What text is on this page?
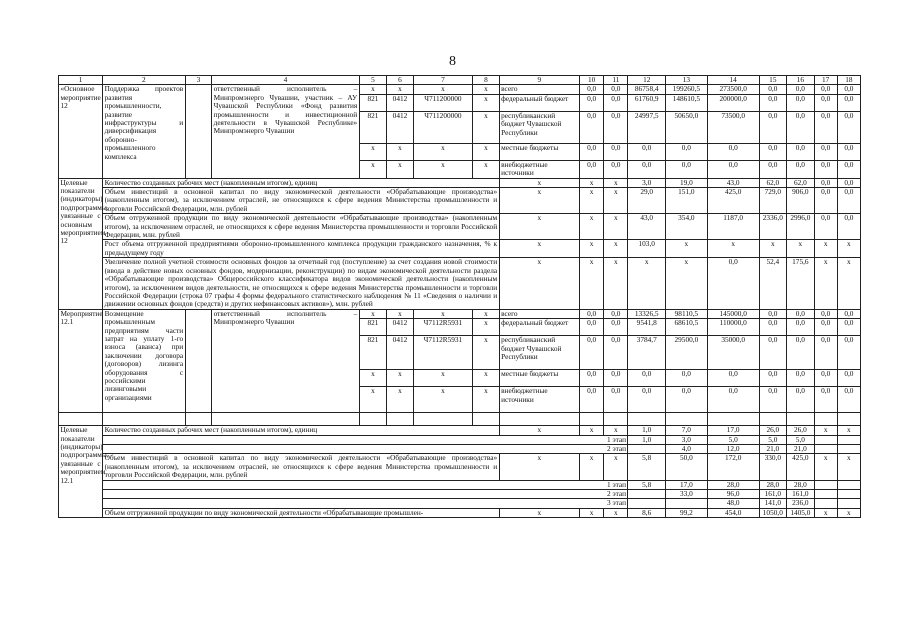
8
1	2	3	4	5	6	7	8	9	10	11	12	13	14	15	16	17	18
«Основное мероприятие 12	Поддержка проектов развития промышленности, развитие инфраструктуры и диверсификация оборонно-промышленного комплекса		ответственный исполнитель – Минпромэнерго Чувашии, участник – АУ Чувашской Республики «Фонд развития промышленности и инвестиционной деятельности в Чувашской Республике» Минпромэнерго Чувашии	x	x	x	x	всего	0,0	0,0	86758,4	199260,5	273500,0	0,0	0,0	0,0	0,0
				821	0412	Ч711200000	x	федеральный бюджет	0,0	0,0	61760,9	148610,5	200000,0	0,0	0,0	0,0	0,0
				821	0412	Ч711200000	x	республиканский бюджет Чувашской Республики	0,0	0,0	24997,5	50650,0	73500,0	0,0	0,0	0,0	0,0
				x	x	x	x	местные бюджеты	0,0	0,0	0,0	0,0	0,0	0,0	0,0	0,0	0,0
				x	x	x	x	внебюджетные источники	0,0	0,0	0,0	0,0	0,0	0,0	0,0	0,0	0,0
Целевые показатели (индикаторы) подпрограммы, увязанные с основным мероприятием 12	Количество созданных рабочих мест (накопленным итогом), единиц							x	x	x	3,0	19,0	43,0	62,0	62,0	0,0	0,0
	Объем инвестиций в основной капитал по виду экономической деятельности «Обрабатывающие производства» (накопленным итогом), за исключением отраслей, не относящихся к сфере ведения Министерства промышленности и торговли Российской Федерации, млн. рублей							x	x	x	29,0	151,0	425,0	729,0	906,0	0,0	0,0
	Объем отгруженной продукции по виду экономической деятельности «Обрабатывающие производства» (накопленным итогом), за исключением отраслей, не относящихся к сфере ведения Министерства промышленности и торговли Российской Федерации, млн. рублей							x	x	x	43,0	354,0	1187,0	2336,0	2996,0	0,0	0,0
	Рост объема отгруженной предприятиями оборонно-промышленного комплекса продукции гражданского назначения, % к предыдущему году							x	x	x	103,0	x	x	x	x	x	x
	Увеличение полной учетной стоимости основных фондов за отчетный год (поступление) за счет создания новой стоимости (ввода в действие новых основных фондов, модернизации, реконструкции) по видам экономической деятельности раздела «Обрабатывающие производства» Общероссийского классификатора видов экономической деятельности (накопленным итогом), за исключением видов деятельности, не относящихся к сфере ведения Министерства промышленности и торговли Российской Федерации (строка 07 графы 4 формы федерального статистического наблюдения № 11 «Сведения о наличии и движении основных фондов (средств) и других нефинансовых активов»), млн. рублей							x	x	x	x	x	0,0	52,4	175,6	x	x
Мероприятие 12.1	Возмещение промышленным предприятиям части затрат на уплату 1-го взноса (аванса) при заключении договора (договоров) лизинга оборудования с российскими лизинговыми организациями		ответственный исполнитель – Минпромэнерго Чувашии	x	x	x	x	всего	0,0	0,0	13326,5	98110,5	145000,0	0,0	0,0	0,0	0,0
				821	0412	Ч7112R5931	x	федеральный бюджет	0,0	0,0	9541,8	68610,5	110000,0	0,0	0,0	0,0	0,0
				821	0412	Ч7112R5931	x	республиканский бюджет Чувашской Республики	0,0	0,0	3784,7	29500,0	35000,0	0,0	0,0	0,0	0,0
				x	x	x	x	местные бюджеты	0,0	0,0	0,0	0,0	0,0	0,0	0,0	0,0	0,0
				x	x	x	x	внебюджетные источники	0,0	0,0	0,0	0,0	0,0	0,0	0,0	0,0	0,0

Целевые показатели (индикаторы) подпрограммы, увязанные с мероприятием 12.1	Количество созданных рабочих мест (накопленным итогом), единиц							x	x	x	1,0	7,0	17,0	26,0	26,0	x	x
	1 этап										1,0	3,0	5,0	5,0	5,0		
	2 этап											4,0	12,0	21,0	21,0		
	Объем инвестиций в основной капитал по виду экономической деятельности «Обрабатывающие производства» (накопленным итогом), за исключением отраслей, не относящихся к сфере ведения Министерства промышленности и торговли Российской Федерации, млн. рублей							x	x	x	5,8	50,0	172,0	330,0	425,0	x	x
	1 этап										5,8	17,0	28,0	28,0	28,0		
	2 этап											33,0	96,0	161,0	161,0		
	3 этап												48,0	141,0	236,0		
	Объем отгруженной продукции по виду экономической деятельности «Обрабатывающие промышлен-							x	x	x	8,6	99,2	454,0	1050,0	1405,0	x	x
